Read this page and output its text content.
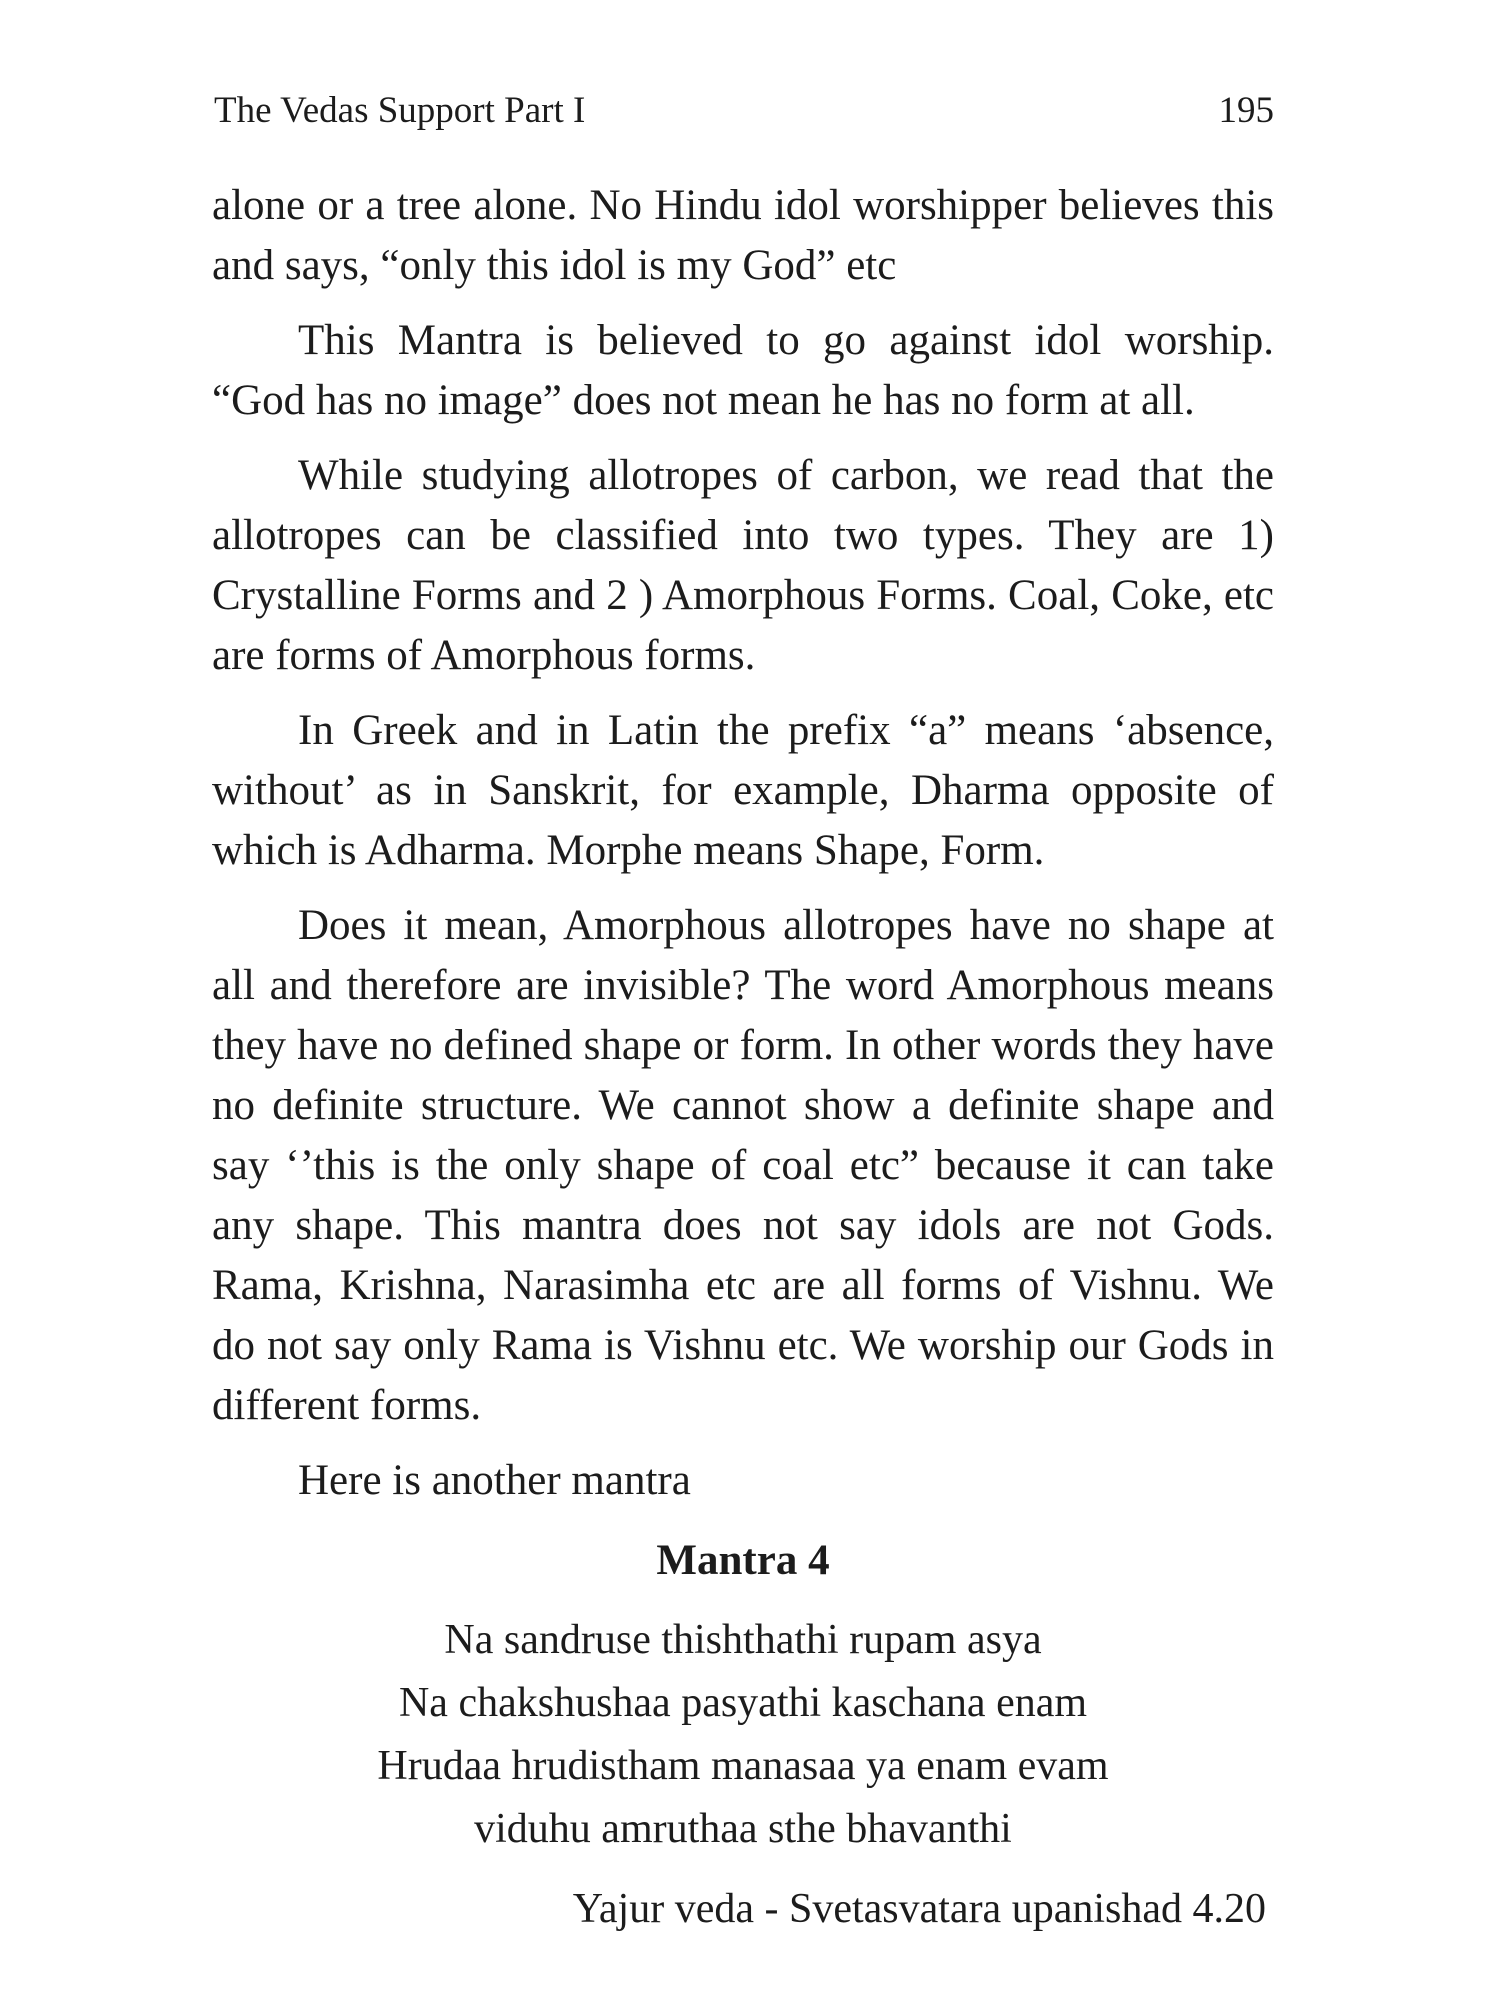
The Vedas Support Part I	195

alone or a tree alone. No Hindu idol worshipper believes this and says, “only this idol is my God” etc

This Mantra is believed to go against idol worship. “God has no image” does not mean he has no form at all.

While studying allotropes of carbon, we read that the allotropes can be classified into two types. They are 1) Crystalline Forms and 2 ) Amorphous Forms. Coal, Coke, etc are forms of Amorphous forms.

In Greek and in Latin the prefix “a” means ‘absence, without’ as in Sanskrit, for example, Dharma opposite of which is Adharma. Morphe means Shape, Form.

Does it mean, Amorphous allotropes have no shape at all and therefore are invisible? The word Amorphous means they have no defined shape or form. In other words they have no definite structure. We cannot show a definite shape and say ‘’this is the only shape of coal etc” because it can take any shape. This mantra does not say idols are not Gods. Rama, Krishna, Narasimha etc are all forms of Vishnu. We do not say only Rama is Vishnu etc. We worship our Gods in different forms.

Here is another mantra

Mantra 4
Na sandruse thishthathi rupam asya
Na chakshushaa pasyathi kaschana enam
Hrudaa hrudistham manasaa ya enam evam
viduhu amruthaa sthe bhavanthi
Yajur veda - Svetasvatara upanishad 4.20
